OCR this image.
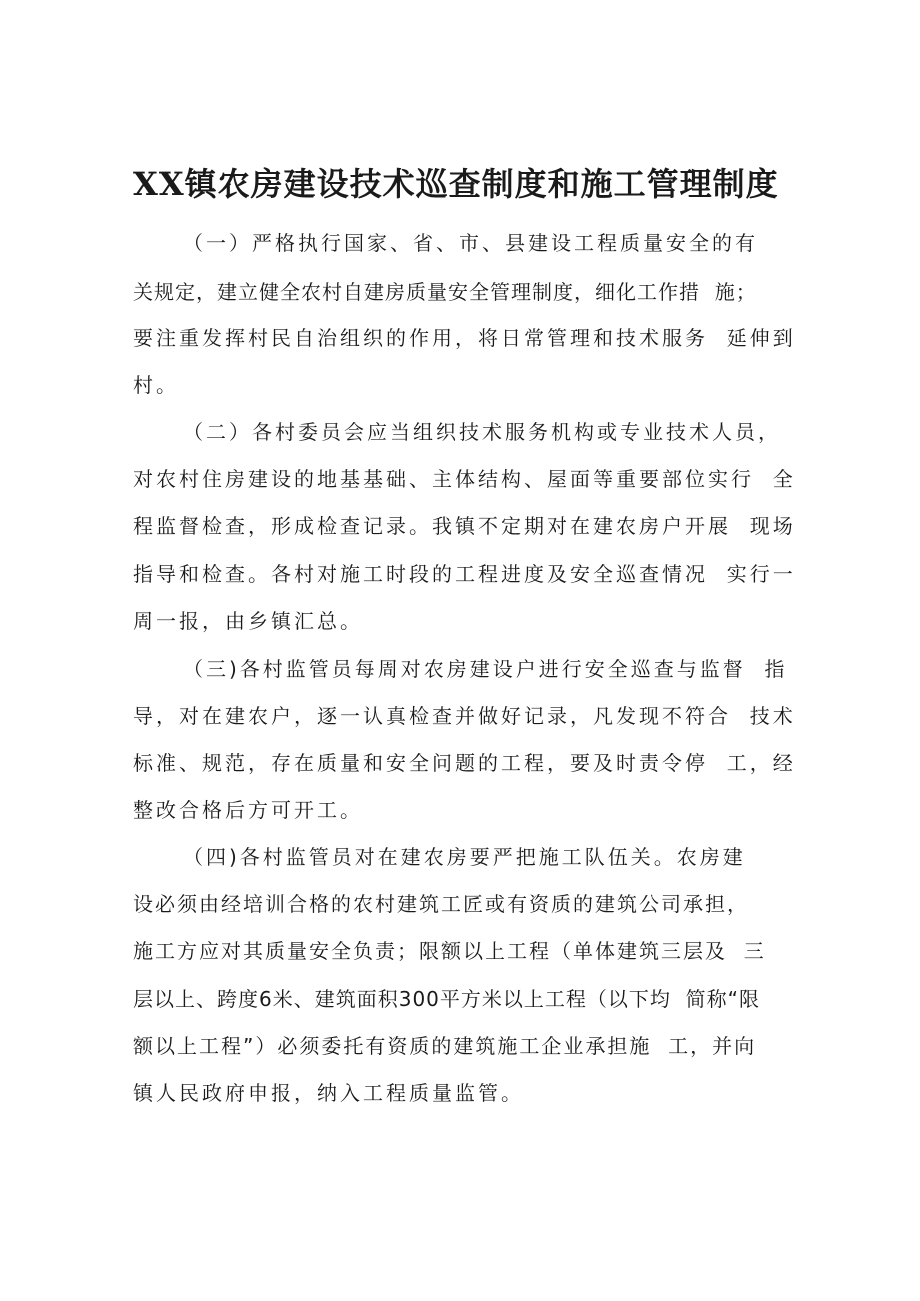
XX镇农房建设技术巡查制度和施工管理制度
（一）严格执行国家、省、市、县建设工程质量安全的有
关规定，建立健全农村自建房质量安全管理制度，细化工作措  施；
要注重发挥村民自治组织的作用，将日常管理和技术服务  延伸到
村。
（二）各村委员会应当组织技术服务机构或专业技术人员，
对农村住房建设的地基基础、主体结构、屋面等重要部位实行  全
程监督检查，形成检查记录。我镇不定期对在建农房户开展  现场
指导和检查。各村对施工时段的工程进度及安全巡查情况  实行一
周一报，由乡镇汇总。
（三)各村监管员每周对农房建设户进行安全巡查与监督  指
导，对在建农户，逐一认真检查并做好记录，凡发现不符合  技术
标准、规范，存在质量和安全问题的工程，要及时责令停  工，经
整改合格后方可开工。
（四)各村监管员对在建农房要严把施工队伍关。农房建
设必须由经培训合格的农村建筑工匠或有资质的建筑公司承担，
施工方应对其质量安全负责；限额以上工程（单体建筑三层及  三
层以上、跨度6米、建筑面积300平方米以上工程（以下均  简称“限
额以上工程”）必须委托有资质的建筑施工企业承担施  工，并向
镇人民政府申报，纳入工程质量监管。
